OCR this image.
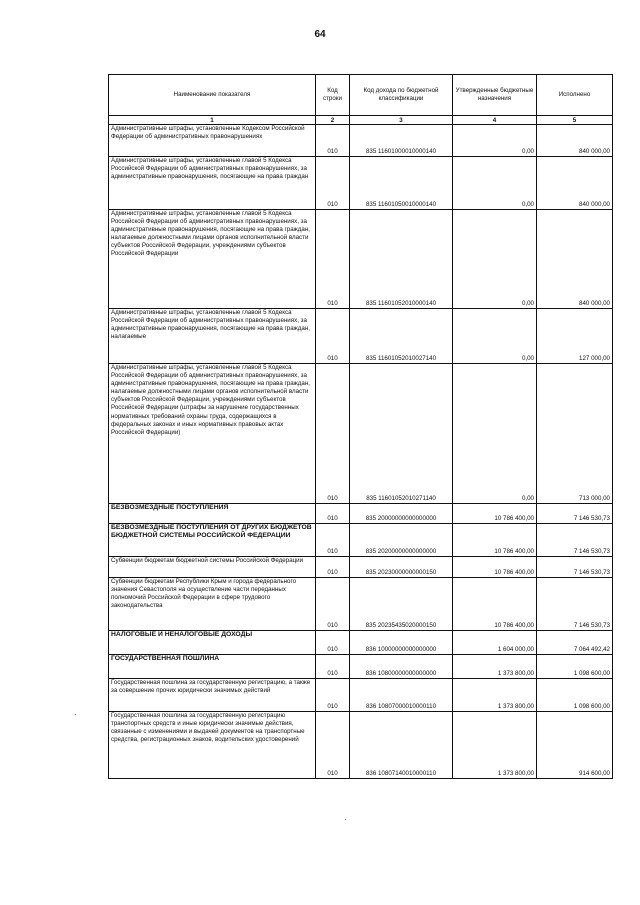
64
Наименование показателя	Код строки	Код дохода по бюджетной классификации	Утвержденные бюджетные назначения	Исполнено
1	2	3	4	5
Административные штрафы, установленные Кодексом Российской Федерации об административных правонарушениях	010	835 11601000010000140	0,00	840 000,00
Административные штрафы, установленные главой 5 Кодекса Российской Федерации об административных правонарушениях, за административные правонарушения, посягающие на права граждан	010	835 11601050010000140	0,00	840 000,00
Административные штрафы, установленные главой 5 Кодекса Российской Федерации об административных правонарушениях, за административные правонарушения, посягающие на права граждан, налагаемые должностными лицами органов исполнительной власти субъектов Российской Федерации, учреждениями субъектов Российской Федерации	010	835 11601052010000140	0,00	840 000,00
Административные штрафы, установленные главой 5 Кодекса Российской Федерации об административных правонарушениях, за административные правонарушения, посягающие на права граждан, налагаемые	010	835 11601052010027140	0,00	127 000,00
Административные штрафы, установленные главой 5 Кодекса Российской Федерации об административных правонарушениях, за административные правонарушения, посягающие на права граждан, налагаемые должностными лицами органов исполнительной власти субъектов Российской Федерации, учреждениями субъектов Российской Федерации (штрафы за нарушение государственных нормативных требований охраны труда, содержащихся в федеральных законах и иных нормативных правовых актах Российской Федерации)	010	835 11601052010271140	0,00	713 000,00
БЕЗВОЗМЕЗДНЫЕ ПОСТУПЛЕНИЯ	010	835 20000000000000000	10 786 400,00	7 146 530,73
БЕЗВОЗМЕЗДНЫЕ ПОСТУПЛЕНИЯ ОТ ДРУГИХ БЮДЖЕТОВ БЮДЖЕТНОЙ СИСТЕМЫ РОССИЙСКОЙ ФЕДЕРАЦИИ	010	835 20200000000000000	10 786 400,00	7 146 530,73
Субвенции бюджетам бюджетной системы Российской Федерации	010	835 20230000000000150	10 786 400,00	7 146 530,73
Субвенции бюджетам Республики Крым и города федерального значения Севастополя на осуществление части переданных полномочий Российской Федерации в сфере трудового законодательства	010	835 20235435020000150	10 786 400,00	7 146 530,73
НАЛОГОВЫЕ И НЕНАЛОГОВЫЕ ДОХОДЫ	010	836 10000000000000000	1 604 000,00	7 064 492,42
ГОСУДАРСТВЕННАЯ ПОШЛИНА	010	836 10800000000000000	1 373 800,00	1 098 600,00
Государственная пошлина за государственную регистрацию, а также за совершение прочих юридически значимых действий	010	836 10807000010000110	1 373 800,00	1 098 600,00
Государственная пошлина за государственную регистрацию транспортных средств и иные юридически значимые действия, связанные с изменениями и выдачей документов на транспортные средства, регистрационных знаков, водительских удостоверений	010	836 10807140010000110	1 373 800,00	914 600,00
·
·
